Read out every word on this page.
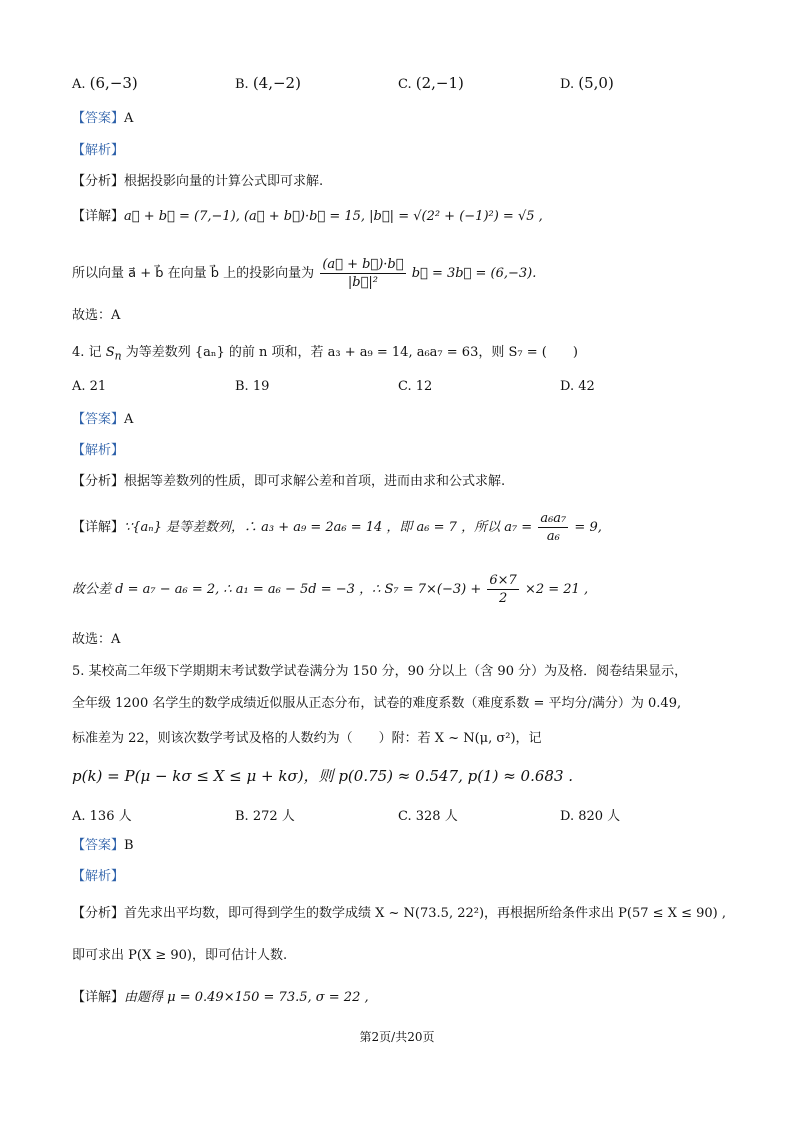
A. (6,−3)	B. (4,−2)	C. (2,−1)	D. (5,0)
【答案】A
【解析】
【分析】根据投影向量的计算公式即可求解.
【详解】a⃗ + b⃗ = (7,−1), (a⃗ + b⃗)·b⃗ = 15, |b⃗| = √(2² + (−1)²) = √5 ,
所以向量 a⃗ + b⃗ 在向量 b⃗ 上的投影向量为 $\frac{(a⃗ + b⃗)\cdot b⃗}{\text{|b⃗|²}}$ b⃗ = 3b⃗ = (6,−3).
故选：A
4. 记 $S_n$ 为等差数列 {aₙ} 的前 n 项和，若 a₃ + a₉ = 14, a₆a₇ = 63，则 S₇ = (　　)
A. 21	B. 19	C. 12	D. 42
【答案】A
【解析】
【分析】根据等差数列的性质，即可求解公差和首项，进而由求和公式求解.
【详解】∵{aₙ} 是等差数列，∴ a₃ + a₉ = 2a₆ = 14 ，即 a₆ = 7 ，所以 $a_7 = \frac{\text{a₆a₇}}{\text{a₆}} = 9$,
故公差 d = a₇ − a₆ = 2, ∴ a₁ = a₆ − 5d = −3 ，∴ $S_7 = 7\times(-3) + \frac{6\times 7}{2} \times 2 = 21$ ,
故选：A
5. 某校高二年级下学期期末考试数学试卷满分为 150 分，90 分以上（含 90 分）为及格．阅卷结果显示，
全年级 1200 名学生的数学成绩近似服从正态分布，试卷的难度系数（难度系数 = 平均分/满分）为 0.49,
标准差为 22，则该次数学考试及格的人数约为（　　）附：若 X ~ N(μ, σ²)，记
p(k) = P(μ − kσ ≤ X ≤ μ + kσ)，则 p(0.75) ≈ 0.547, p(1) ≈ 0.683 .
A. 136 人	B. 272 人	C. 328 人	D. 820 人
【答案】B
【解析】
【分析】首先求出平均数，即可得到学生的数学成绩 X ~ N(73.5, 22²)，再根据所给条件求出 P(57 ≤ X ≤ 90) ,
即可求出 P(X ≥ 90)，即可估计人数.
【详解】由题得 μ = 0.49×150 = 73.5, σ = 22 ,
第2页/共20页
